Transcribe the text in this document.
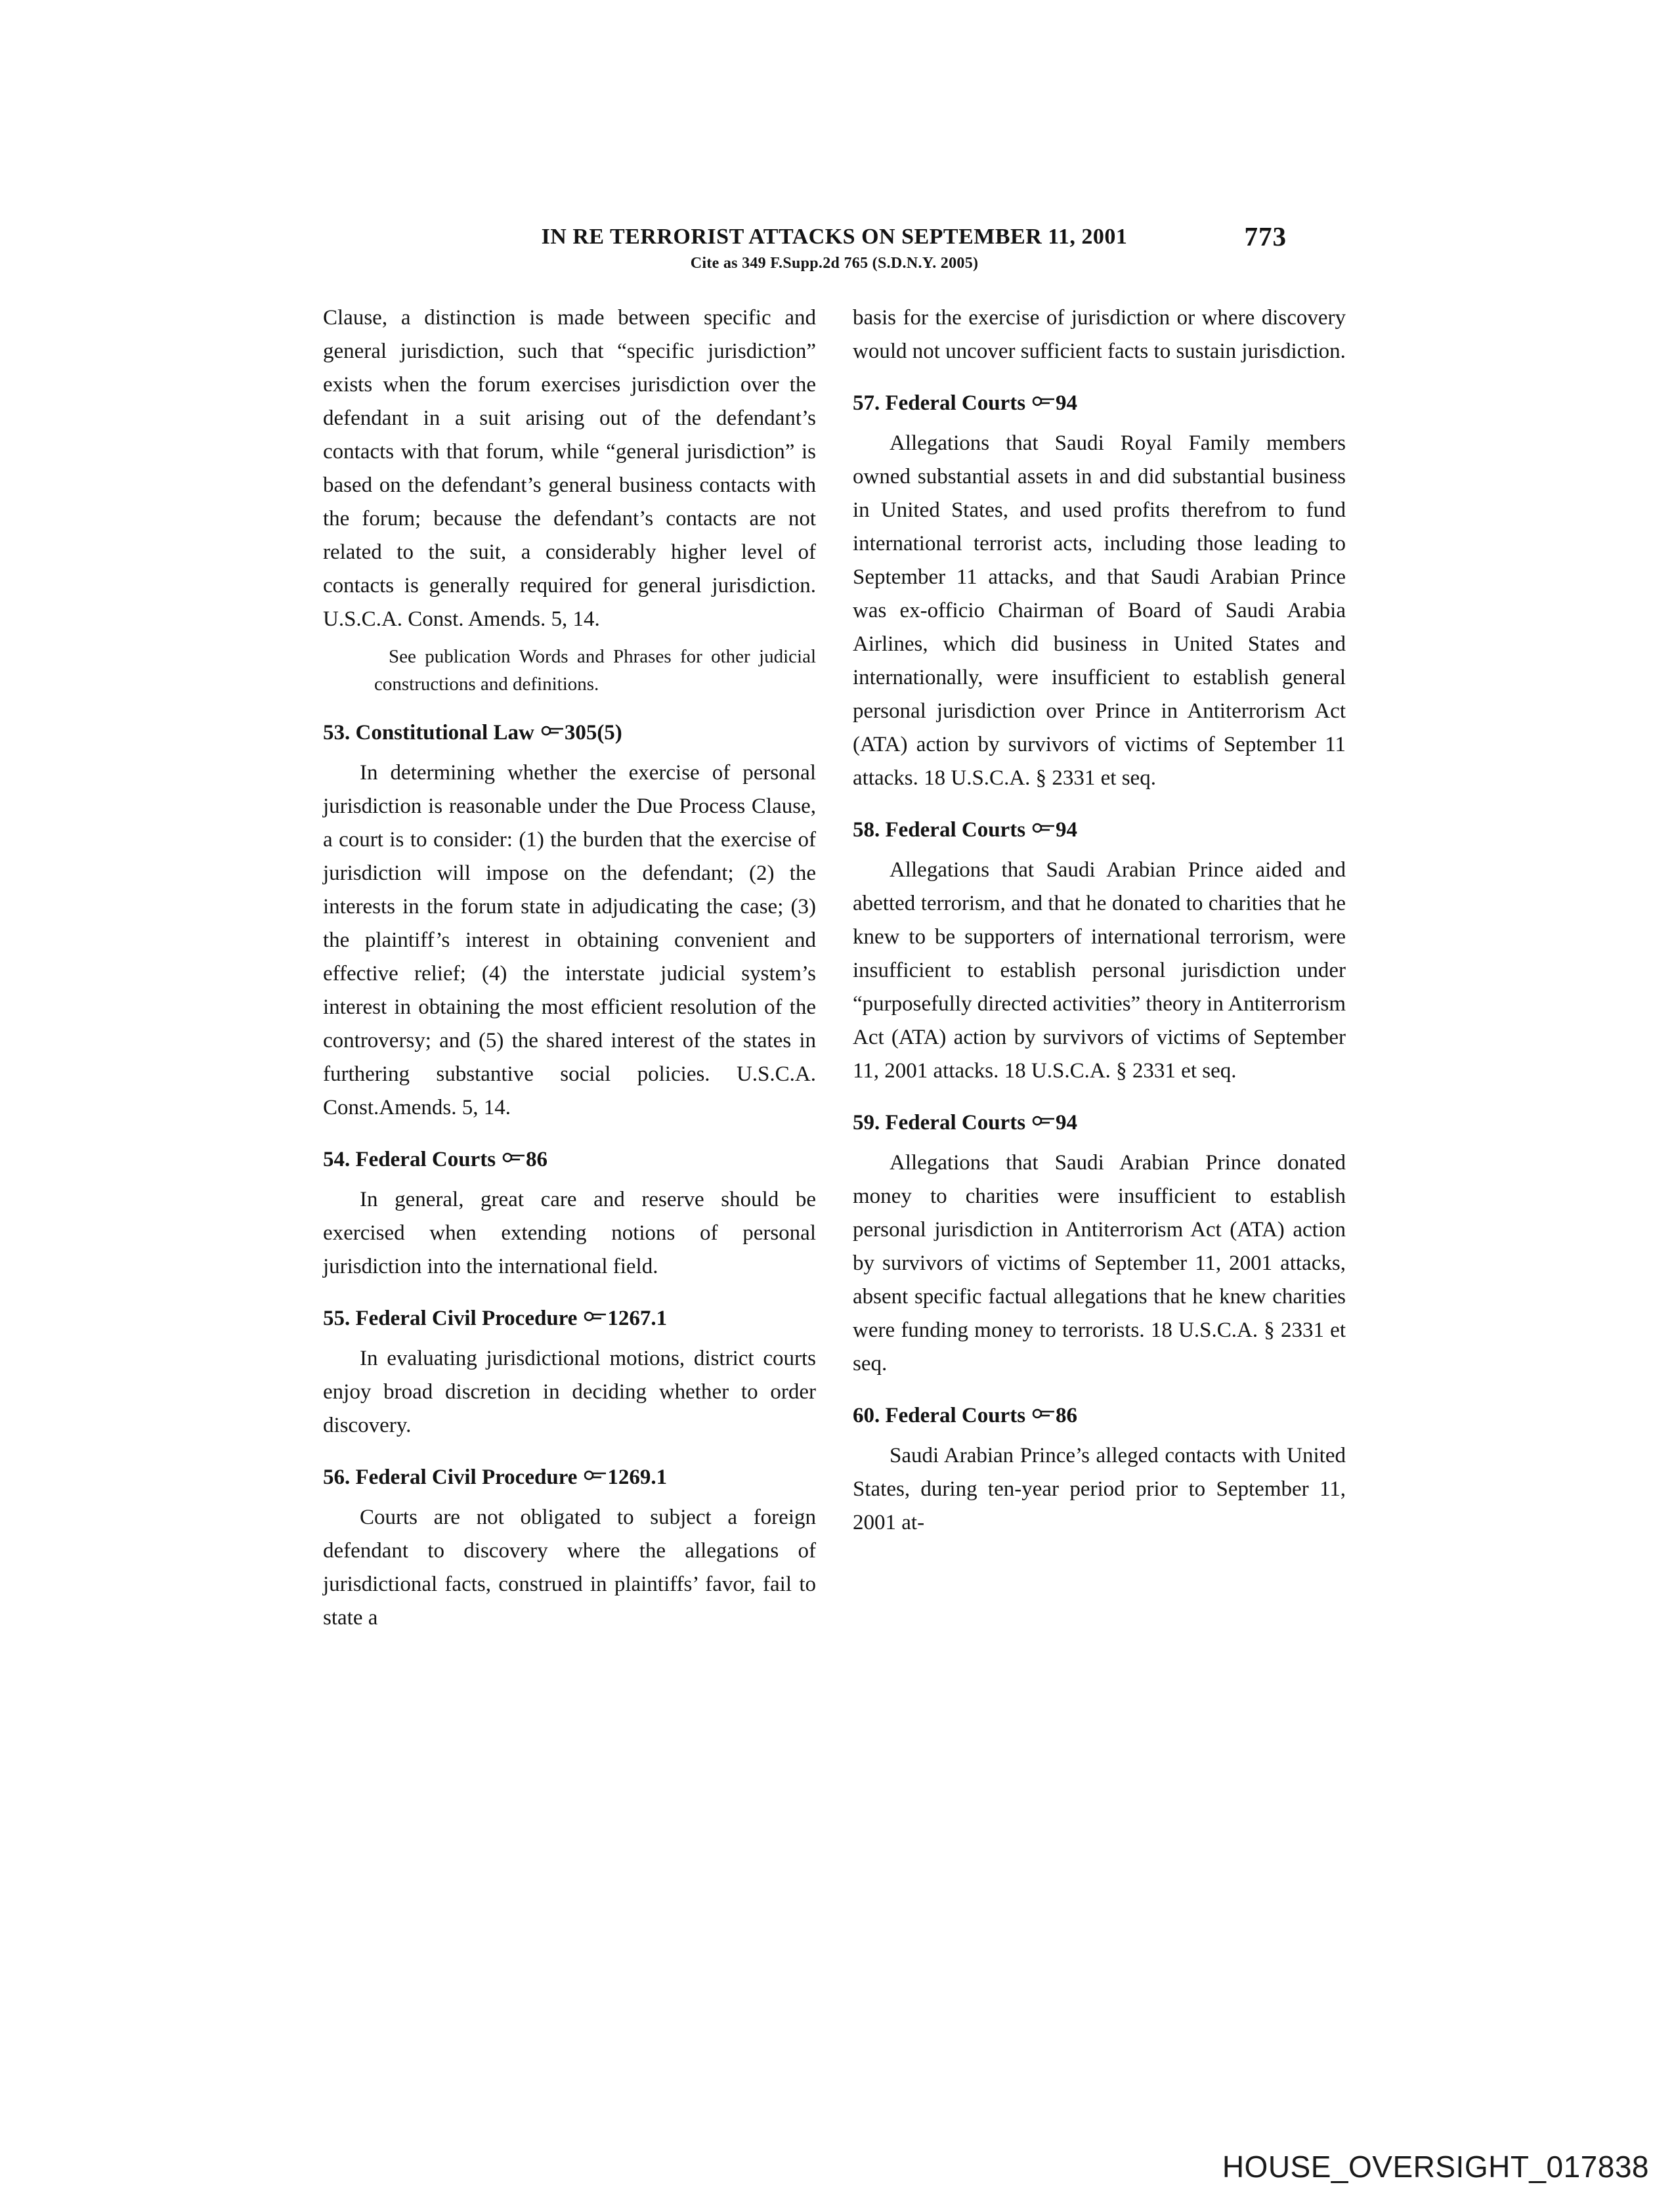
IN RE TERRORIST ATTACKS ON SEPTEMBER 11, 2001	773
Cite as 349 F.Supp.2d 765 (S.D.N.Y. 2005)

Clause, a distinction is made between specific and general jurisdiction, such that “specific jurisdiction” exists when the forum exercises jurisdiction over the defendant in a suit arising out of the defendant’s contacts with that forum, while “general jurisdiction” is based on the defendant’s general business contacts with the forum; because the defendant’s contacts are not related to the suit, a considerably higher level of contacts is generally required for general jurisdiction. U.S.C.A. Const. Amends. 5, 14.

See publication Words and Phrases for other judicial constructions and definitions.
53. Constitutional Law 305(5)

In determining whether the exercise of personal jurisdiction is reasonable under the Due Process Clause, a court is to consider: (1) the burden that the exercise of jurisdiction will impose on the defendant; (2) the interests in the forum state in adjudicating the case; (3) the plaintiff’s interest in obtaining convenient and effective relief; (4) the interstate judicial system’s interest in obtaining the most efficient resolution of the controversy; and (5) the shared interest of the states in furthering substantive social policies. U.S.C.A. Const.Amends. 5, 14.

54. Federal Courts 86

In general, great care and reserve should be exercised when extending notions of personal jurisdiction into the international field.

55. Federal Civil Procedure 1267.1

In evaluating jurisdictional motions, district courts enjoy broad discretion in deciding whether to order discovery.

56. Federal Civil Procedure 1269.1

Courts are not obligated to subject a foreign defendant to discovery where the allegations of jurisdictional facts, construed in plaintiffs’ favor, fail to state a

basis for the exercise of jurisdiction or where discovery would not uncover sufficient facts to sustain jurisdiction.

57. Federal Courts 94

Allegations that Saudi Royal Family members owned substantial assets in and did substantial business in United States, and used profits therefrom to fund international terrorist acts, including those leading to September 11 attacks, and that Saudi Arabian Prince was ex-officio Chairman of Board of Saudi Arabia Airlines, which did business in United States and internationally, were insufficient to establish general personal jurisdiction over Prince in Antiterrorism Act (ATA) action by survivors of victims of September 11 attacks. 18 U.S.C.A. § 2331 et seq.

58. Federal Courts 94

Allegations that Saudi Arabian Prince aided and abetted terrorism, and that he donated to charities that he knew to be supporters of international terrorism, were insufficient to establish personal jurisdiction under “purposefully directed activities” theory in Antiterrorism Act (ATA) action by survivors of victims of September 11, 2001 attacks. 18 U.S.C.A. § 2331 et seq.

59. Federal Courts 94

Allegations that Saudi Arabian Prince donated money to charities were insufficient to establish personal jurisdiction in Antiterrorism Act (ATA) action by survivors of victims of September 11, 2001 attacks, absent specific factual allegations that he knew charities were funding money to terrorists. 18 U.S.C.A. § 2331 et seq.

60. Federal Courts 86

Saudi Arabian Prince’s alleged contacts with United States, during ten-year period prior to September 11, 2001 at-

HOUSE_OVERSIGHT_017838
